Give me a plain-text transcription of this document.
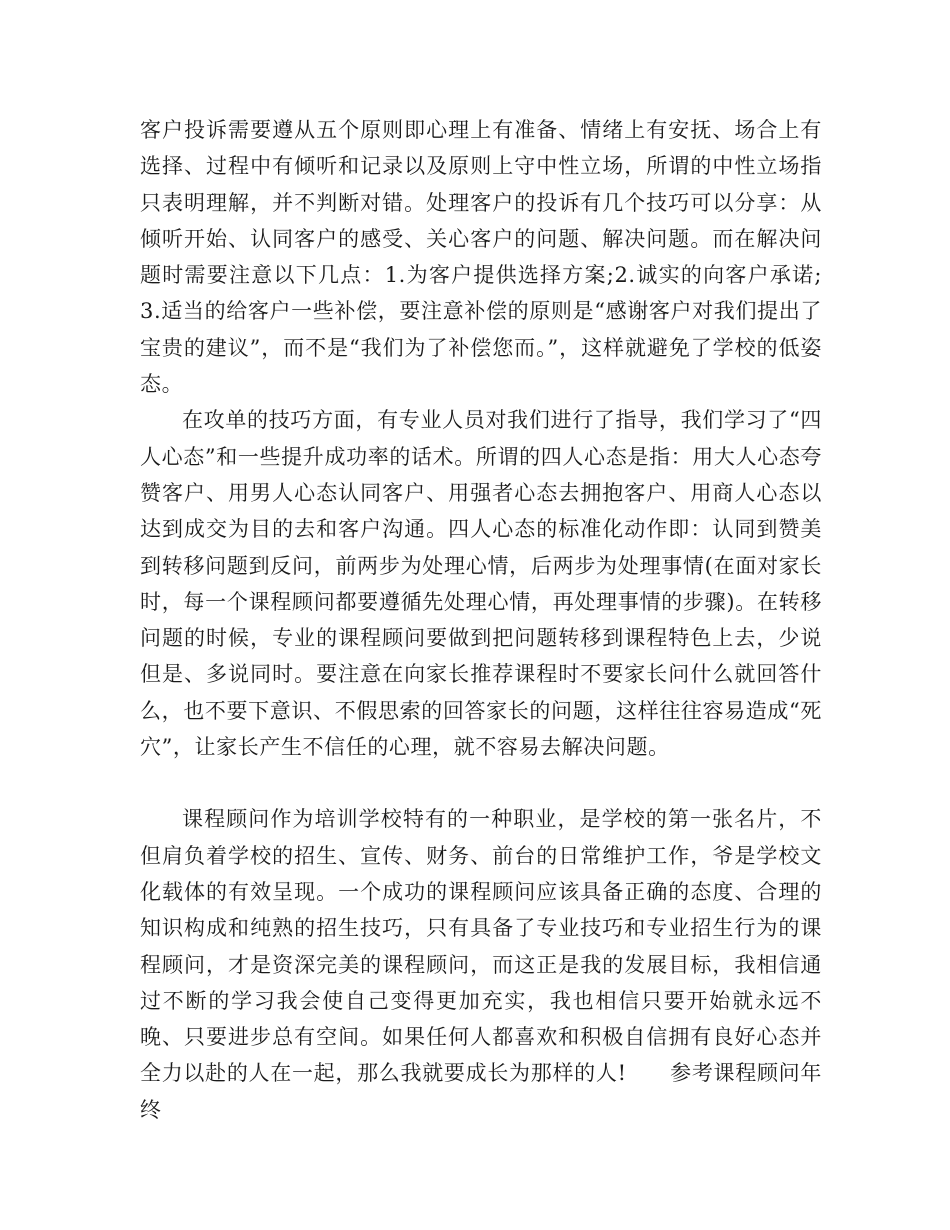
客户投诉需要遵从五个原则即心理上有准备、情绪上有安抚、场合上有选择、过程中有倾听和记录以及原则上守中性立场，所谓的中性立场指只表明理解，并不判断对错。处理客户的投诉有几个技巧可以分享：从倾听开始、认同客户的感受、关心客户的问题、解决问题。而在解决问题时需要注意以下几点：1.为客户提供选择方案;2.诚实的向客户承诺;3.适当的给客户一些补偿，要注意补偿的原则是“感谢客户对我们提出了宝贵的建议”，而不是“我们为了补偿您而。”，这样就避免了学校的低姿态。

在攻单的技巧方面，有专业人员对我们进行了指导，我们学习了“四人心态”和一些提升成功率的话术。所谓的四人心态是指：用大人心态夸赞客户、用男人心态认同客户、用强者心态去拥抱客户、用商人心态以达到成交为目的去和客户沟通。四人心态的标准化动作即：认同到赞美到转移问题到反问，前两步为处理心情，后两步为处理事情(在面对家长时，每一个课程顾问都要遵循先处理心情，再处理事情的步骤)。在转移问题的时候，专业的课程顾问要做到把问题转移到课程特色上去，少说但是、多说同时。要注意在向家长推荐课程时不要家长问什么就回答什么，也不要下意识、不假思索的回答家长的问题，这样往往容易造成“死穴”，让家长产生不信任的心理，就不容易去解决问题。

课程顾问作为培训学校特有的一种职业，是学校的第一张名片，不但肩负着学校的招生、宣传、财务、前台的日常维护工作，爷是学校文化载体的有效呈现。一个成功的课程顾问应该具备正确的态度、合理的知识构成和纯熟的招生技巧，只有具备了专业技巧和专业招生行为的课程顾问，才是资深完美的课程顾问，而这正是我的发展目标，我相信通过不断的学习我会使自己变得更加充实，我也相信只要开始就永远不晚、只要进步总有空间。如果任何人都喜欢和积极自信拥有良好心态并全力以赴的人在一起，那么我就要成长为那样的人!　　参考课程顾问年终
